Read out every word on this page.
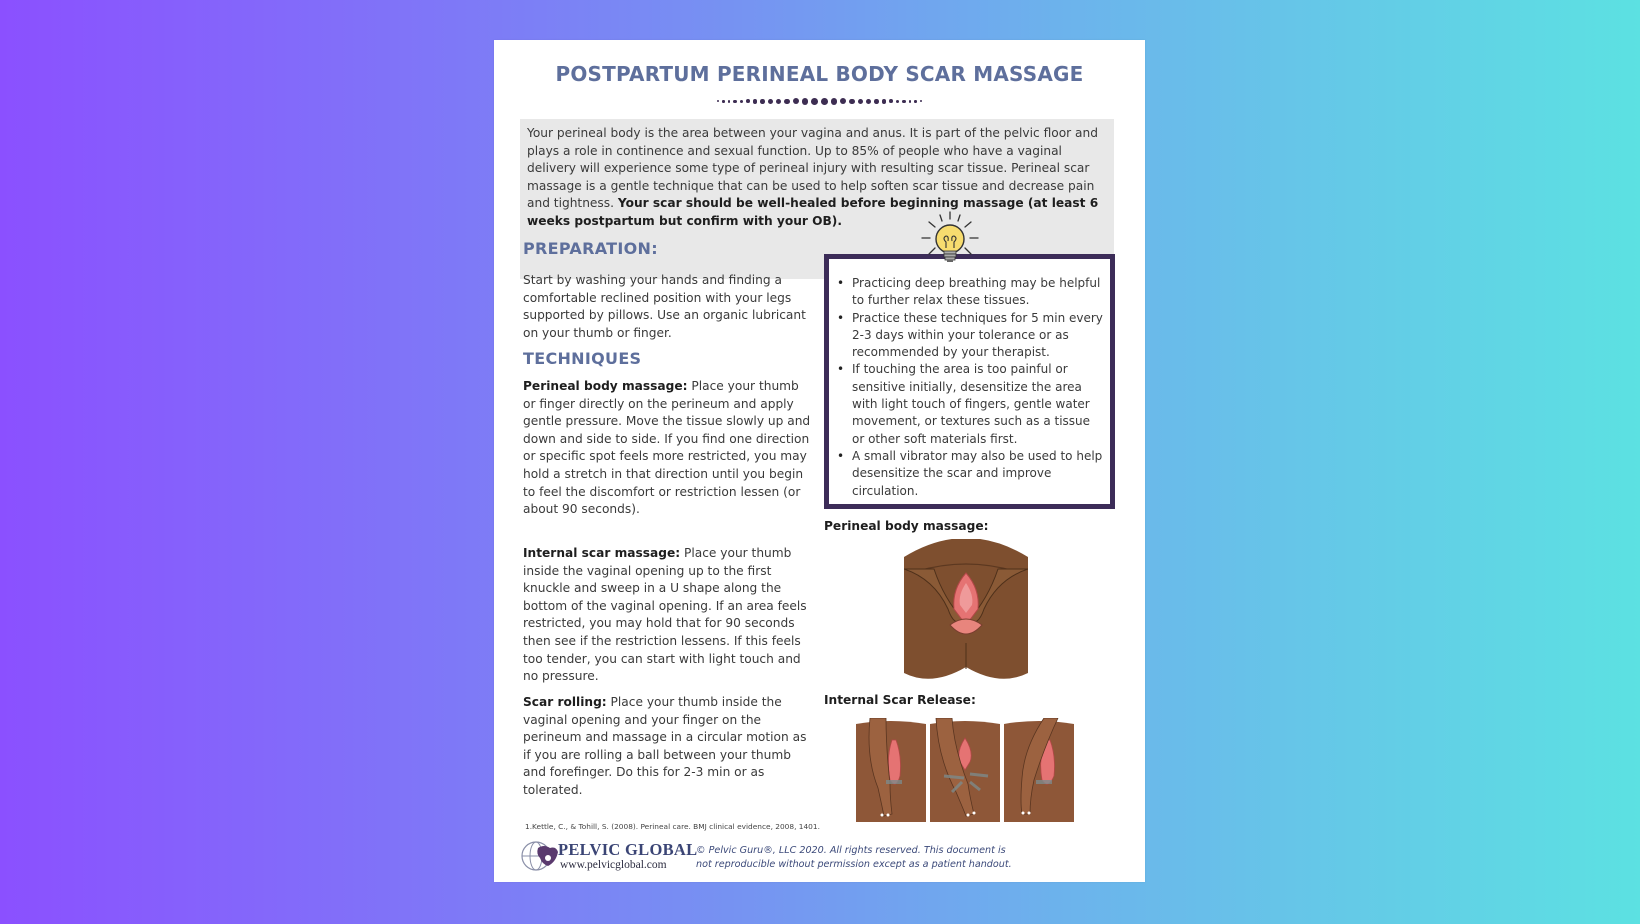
POSTPARTUM PERINEAL BODY SCAR MASSAGE
Your perineal body is the area between your vagina and anus. It is part of the pelvic floor and plays a role in continence and sexual function. Up to 85% of people who have a vaginal delivery will experience some type of perineal injury with resulting scar tissue. Perineal scar massage is a gentle technique that can be used to help soften scar tissue and decrease pain and tightness. Your scar should be well-healed before beginning massage (at least 6 weeks postpartum but confirm with your OB).
PREPARATION:
Start by washing your hands and finding a comfortable reclined position with your legs supported by pillows. Use an organic lubricant on your thumb or finger.
TECHNIQUES
Perineal body massage: Place your thumb or finger directly on the perineum and apply gentle pressure. Move the tissue slowly up and down and side to side. If you find one direction or specific spot feels more restricted, you may hold a stretch in that direction until you begin to feel the discomfort or restriction lessen (or about 90 seconds).
Internal scar massage: Place your thumb inside the vaginal opening up to the first knuckle and sweep in a U shape along the bottom of the vaginal opening. If an area feels restricted, you may hold that for 90 seconds then see if the restriction lessens. If this feels too tender, you can start with light touch and no pressure.
Scar rolling: Place your thumb inside the vaginal opening and your finger on the perineum and massage in a circular motion as if you are rolling a ball between your thumb and forefinger. Do this for 2-3 min or as tolerated.
1.Kettle, C., & Tohill, S. (2008). Perineal care. BMJ clinical evidence, 2008, 1401.
• Practicing deep breathing may be helpful to further relax these tissues.
• Practice these techniques for 5 min every 2-3 days within your tolerance or as recommended by your therapist.
• If touching the area is too painful or sensitive initially, desensitize the area with light touch of fingers, gentle water movement, or textures such as a tissue or other soft materials first.
• A small vibrator may also be used to help desensitize the scar and improve circulation.
Perineal body massage:
Internal Scar Release:
PELVIC GLOBAL
www.pelvicglobal.com
© Pelvic Guru®, LLC 2020. All rights reserved. This document is not reproducible without permission except as a patient handout.
